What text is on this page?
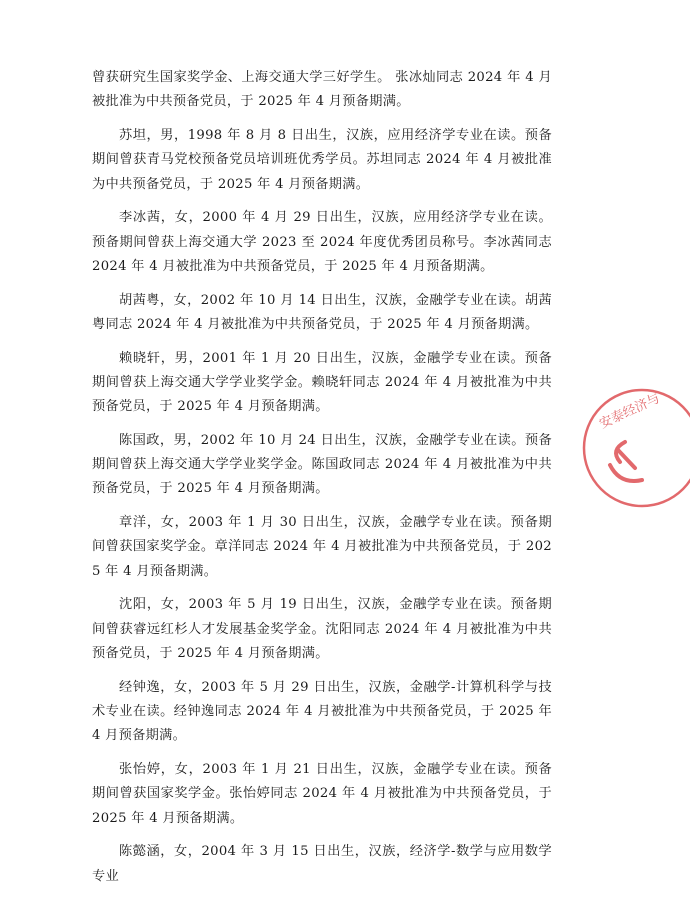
曾获研究生国家奖学金、上海交通大学三好学生。 张冰灿同志 2024 年 4 月被批准为中共预备党员，于 2025 年 4 月预备期满。

苏坦，男，1998 年 8 月 8 日出生，汉族，应用经济学专业在读。预备期间曾获青马党校预备党员培训班优秀学员。苏坦同志 2024 年 4 月被批准为中共预备党员，于 2025 年 4 月预备期满。

李冰茜，女，2000 年 4 月 29 日出生，汉族，应用经济学专业在读。预备期间曾获上海交通大学 2023 至 2024 年度优秀团员称号。李冰茜同志 2024 年 4 月被批准为中共预备党员，于 2025 年 4 月预备期满。

胡茜粤，女，2002 年 10 月 14 日出生，汉族，金融学专业在读。胡茜粤同志 2024 年 4 月被批准为中共预备党员，于 2025 年 4 月预备期满。

赖晓轩，男，2001 年 1 月 20 日出生，汉族，金融学专业在读。预备期间曾获上海交通大学学业奖学金。赖晓轩同志 2024 年 4 月被批准为中共预备党员，于 2025 年 4 月预备期满。

陈国政，男，2002 年 10 月 24 日出生，汉族，金融学专业在读。预备期间曾获上海交通大学学业奖学金。陈国政同志 2024 年 4 月被批准为中共预备党员，于 2025 年 4 月预备期满。

章洋，女，2003 年 1 月 30 日出生，汉族，金融学专业在读。预备期间曾获国家奖学金。章洋同志 2024 年 4 月被批准为中共预备党员，于 2025 年 4 月预备期满。

沈阳，女，2003 年 5 月 19 日出生，汉族，金融学专业在读。预备期间曾获睿远红杉人才发展基金奖学金。沈阳同志 2024 年 4 月被批准为中共预备党员，于 2025 年 4 月预备期满。

经钟逸，女，2003 年 5 月 29 日出生，汉族，金融学-计算机科学与技术专业在读。经钟逸同志 2024 年 4 月被批准为中共预备党员，于 2025 年 4 月预备期满。

张怡婷，女，2003 年 1 月 21 日出生，汉族，金融学专业在读。预备期间曾获国家奖学金。张怡婷同志 2024 年 4 月被批准为中共预备党员，于 2025 年 4 月预备期满。

陈懿涵，女，2004 年 3 月 15 日出生，汉族，经济学-数学与应用数学专业

安泰经济与
